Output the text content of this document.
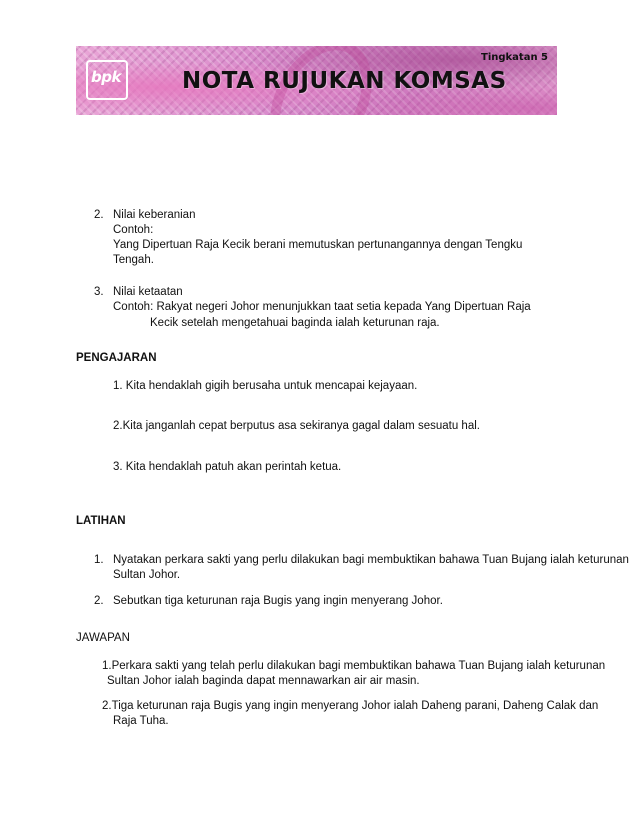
bpk	NOTA RUJUKAN KOMSAS
Tingkatan 5
2. Nilai keberanian
Contoh:
Yang Dipertuan Raja Kecik berani memutuskan pertunangannya dengan Tengku
Tengah.
3. Nilai ketaatan
Contoh: Rakyat negeri Johor menunjukkan taat setia kepada Yang Dipertuan Raja
Kecik setelah mengetahuai baginda ialah keturunan raja.
PENGAJARAN
1. Kita hendaklah gigih berusaha untuk mencapai kejayaan.
2.Kita janganlah cepat berputus asa sekiranya gagal dalam sesuatu hal.
3. Kita hendaklah patuh akan perintah ketua.
LATIHAN
1. Nyatakan perkara sakti yang perlu dilakukan bagi membuktikan bahawa Tuan Bujang ialah keturunan
Sultan Johor.
2. Sebutkan tiga keturunan raja Bugis yang ingin menyerang Johor.
JAWAPAN
1.Perkara sakti yang telah perlu dilakukan bagi membuktikan bahawa Tuan Bujang ialah keturunan
Sultan Johor ialah baginda dapat mennawarkan air air masin.
2.Tiga keturunan raja Bugis yang ingin menyerang Johor ialah Daheng parani, Daheng Calak dan
Raja Tuha.
